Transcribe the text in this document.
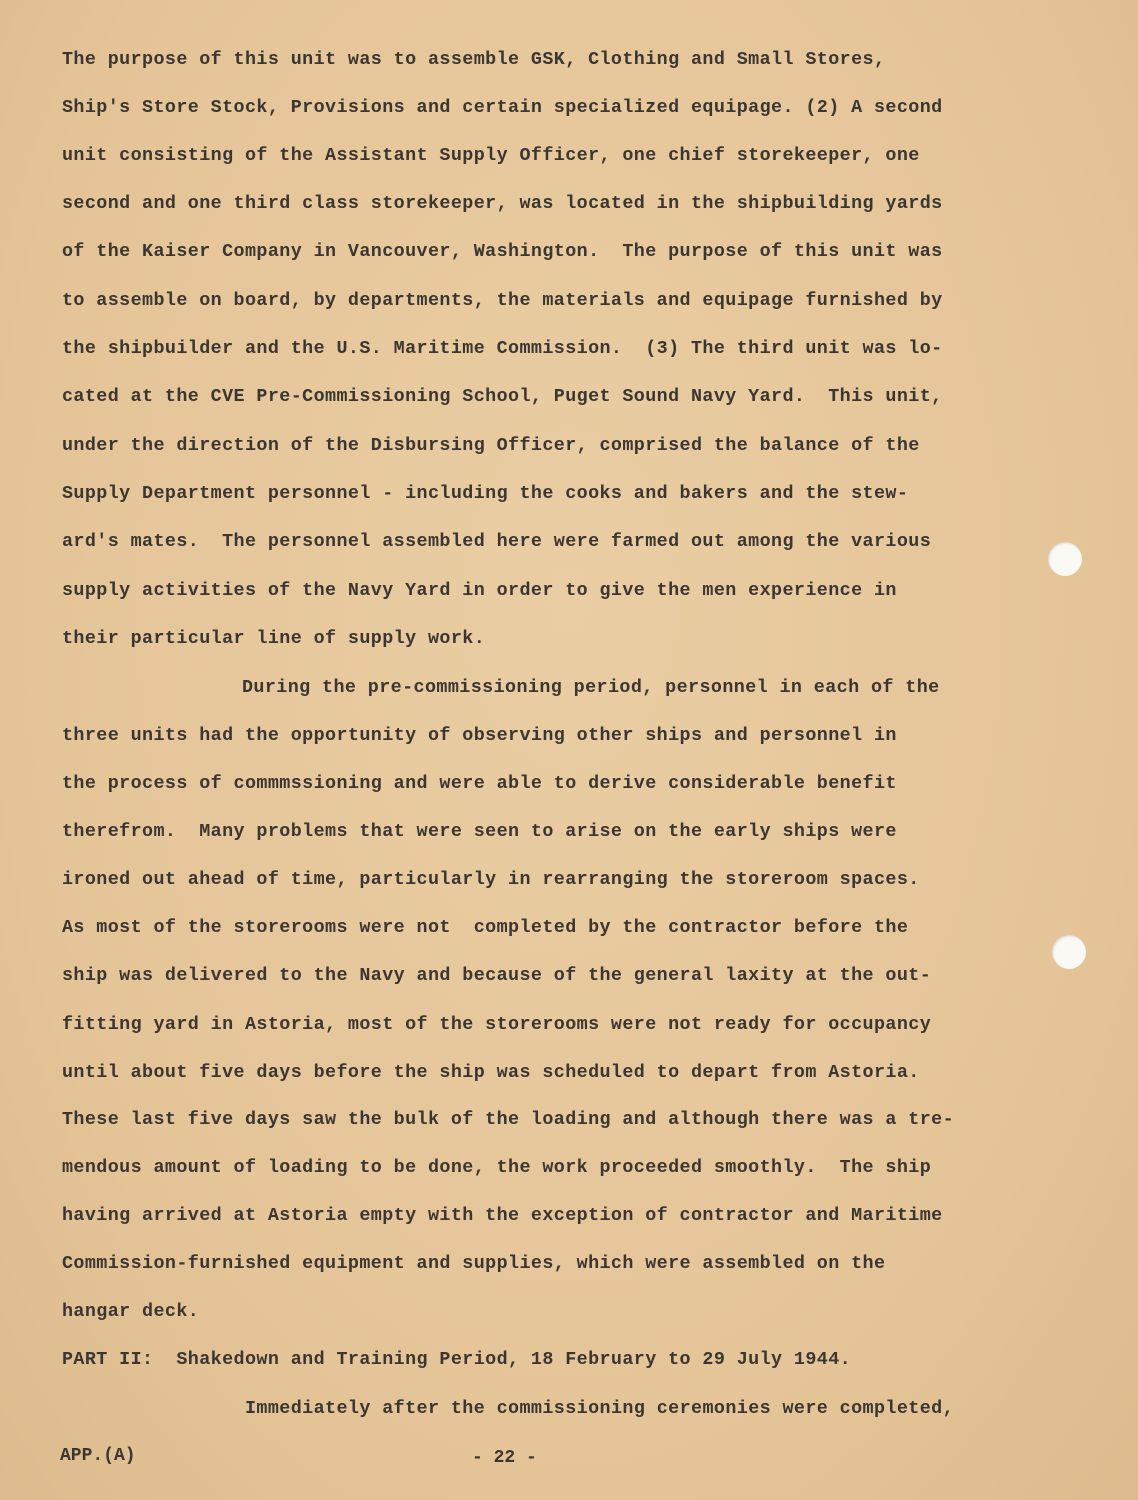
The purpose of this unit was to assemble GSK, Clothing and Small Stores,
Ship's Store Stock, Provisions and certain specialized equipage. (2) A second
unit consisting of the Assistant Supply Officer, one chief storekeeper, one
second and one third class storekeeper, was located in the shipbuilding yards
of the Kaiser Company in Vancouver, Washington.  The purpose of this unit was
to assemble on board, by departments, the materials and equipage furnished by
the shipbuilder and the U.S. Maritime Commission.  (3) The third unit was lo-
cated at the CVE Pre-Commissioning School, Puget Sound Navy Yard.  This unit,
under the direction of the Disbursing Officer, comprised the balance of the
Supply Department personnel - including the cooks and bakers and the stew-
ard's mates.  The personnel assembled here were farmed out among the various
supply activities of the Navy Yard in order to give the men experience in
their particular line of supply work.
During the pre-commissioning period, personnel in each of the
three units had the opportunity of observing other ships and personnel in
the process of commmssioning and were able to derive considerable benefit
therefrom.  Many problems that were seen to arise on the early ships were
ironed out ahead of time, particularly in rearranging the storeroom spaces.
As most of the storerooms were not  completed by the contractor before the
ship was delivered to the Navy and because of the general laxity at the out-
fitting yard in Astoria, most of the storerooms were not ready for occupancy
until about five days before the ship was scheduled to depart from Astoria.
These last five days saw the bulk of the loading and although there was a tre-
mendous amount of loading to be done, the work proceeded smoothly.  The ship
having arrived at Astoria empty with the exception of contractor and Maritime
Commission-furnished equipment and supplies, which were assembled on the
hangar deck.
PART II:  Shakedown and Training Period, 18 February to 29 July 1944.
Immediately after the commissioning ceremonies were completed,
APP.(A)	- 22 -
